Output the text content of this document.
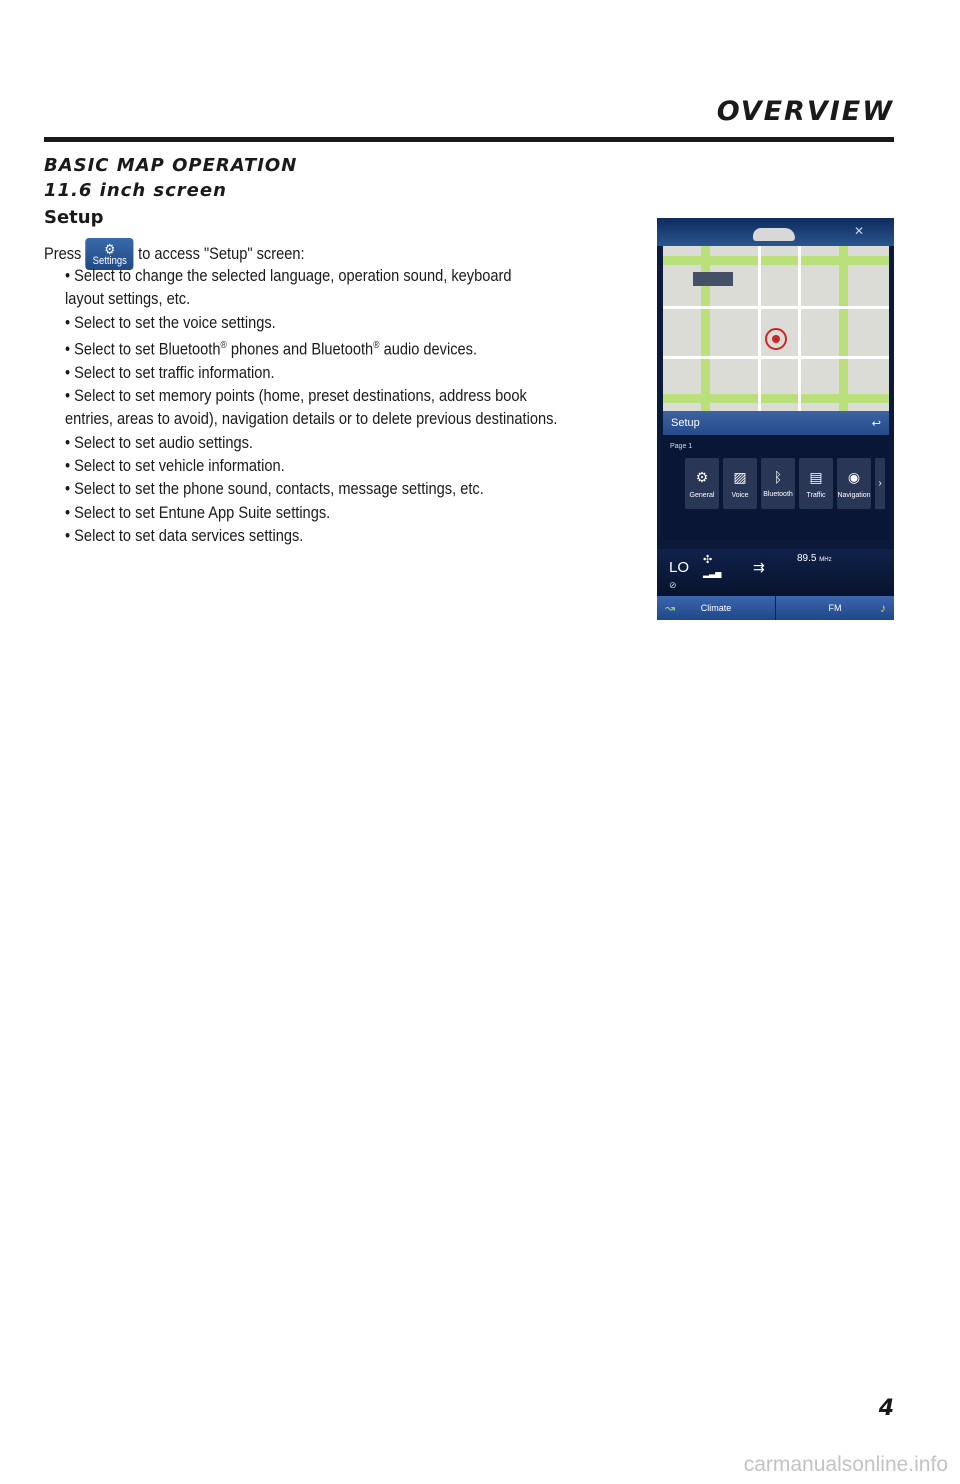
OVERVIEW
BASIC MAP OPERATION
11.6 inch screen
Setup
Press ⚙
Settings to access "Setup" screen:
• Select to change the selected language, operation sound, keyboard
layout settings, etc.
• Select to set the voice settings.
• Select to set Bluetooth® phones and Bluetooth® audio devices.
• Select to set traffic information.
• Select to set memory points (home, preset destinations, address book
entries, areas to avoid), navigation details or to delete previous destinations.
• Select to set audio settings.
• Select to set vehicle information.
• Select to set the phone sound, contacts, message settings, etc.
• Select to set Entune App Suite settings.
• Select to set data services settings.
✕
Setup	↩
Page 1
⚙
General
▨
Voice
ᛒ
Bluetooth
▤
Traffic
◉
Navigation
›
LO ✣
▂▃▅
⊘
⇉
89.5 MHz
↝	Climate	FM	♪
4
carmanualsonline.info
